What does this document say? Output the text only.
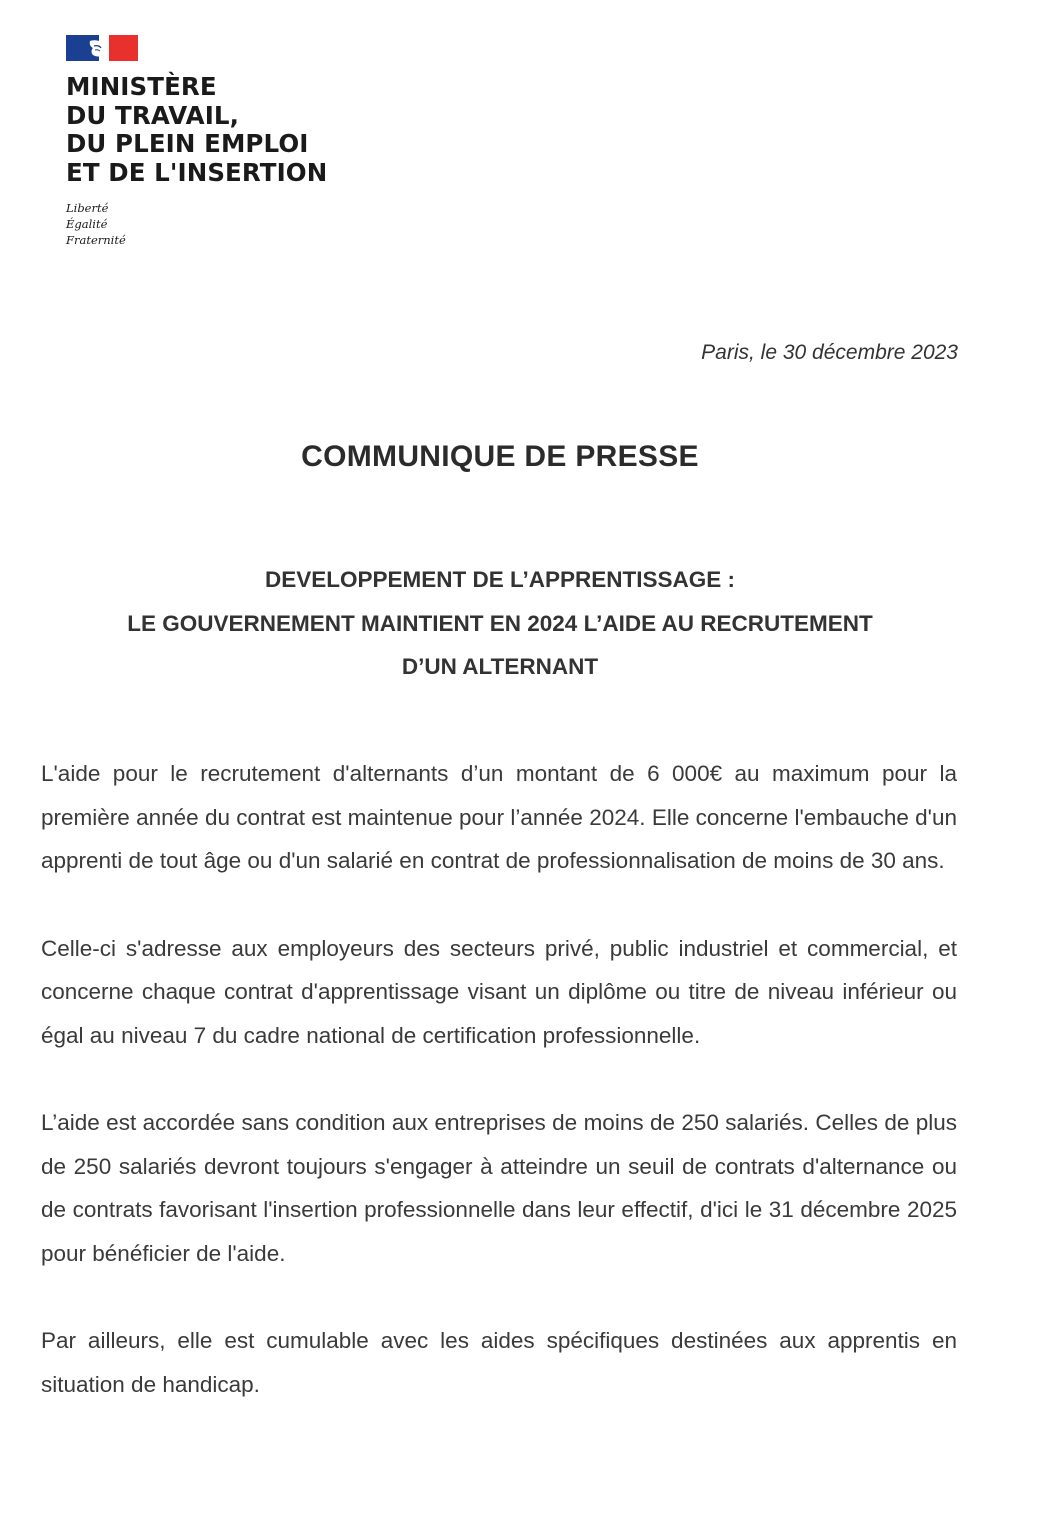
MINISTÈRE
DU TRAVAIL,
DU PLEIN EMPLOI
ET DE L'INSERTION
Liberté
Égalité
Fraternité
Paris, le 30 décembre 2023
COMMUNIQUE DE PRESSE
DEVELOPPEMENT DE L’APPRENTISSAGE :
LE GOUVERNEMENT MAINTIENT EN 2024 L’AIDE AU RECRUTEMENT
D’UN ALTERNANT

L'aide pour le recrutement d'alternants d’un montant de 6 000€ au maximum pour la première année du contrat est maintenue pour l’année 2024. Elle concerne l'embauche d'un apprenti de tout âge ou d'un salarié en contrat de professionnalisation de moins de 30 ans.

Celle-ci s'adresse aux employeurs des secteurs privé, public industriel et commercial, et concerne chaque contrat d'apprentissage visant un diplôme ou titre de niveau inférieur ou égal au niveau 7 du cadre national de certification professionnelle.

L’aide est accordée sans condition aux entreprises de moins de 250 salariés. Celles de plus de 250 salariés devront toujours s'engager à atteindre un seuil de contrats d'alternance ou de contrats favorisant l'insertion professionnelle dans leur effectif, d'ici le 31 décembre 2025 pour bénéficier de l'aide.

Par ailleurs, elle est cumulable avec les aides spécifiques destinées aux apprentis en situation de handicap.
